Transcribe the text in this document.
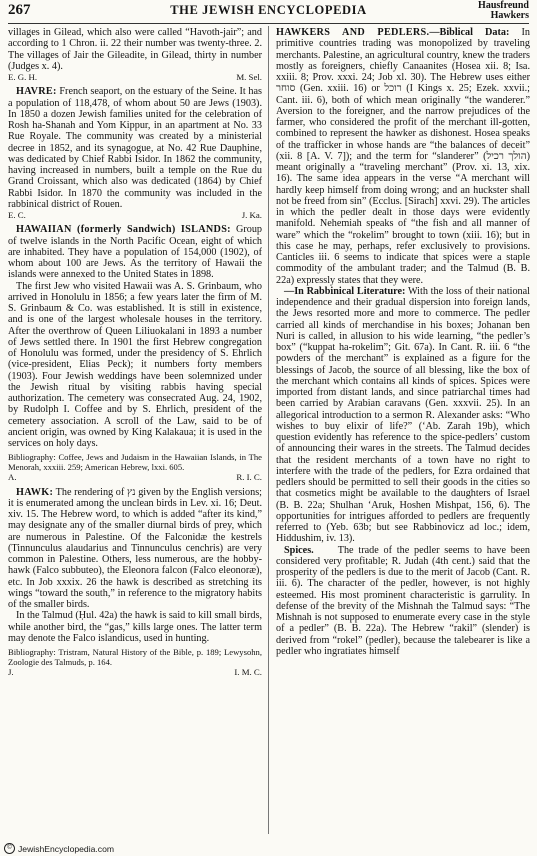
267	THE JEWISH ENCYCLOPEDIA	Hausfreund
Hawkers

villages in Gilead, which also were called “Havoth-jair”; and according to 1 Chron. ii. 22 their number was twenty-three. 2. The villages of Jair the Gileadite, in Gilead, thirty in number (Judges x. 4).

E. G. H.	M. Sel.

HAVRE: French seaport, on the estuary of the Seine. It has a population of 118,478, of whom about 50 are Jews (1903). In 1850 a dozen Jewish families united for the celebration of Rosh ha-Shanah and Yom Kippur, in an apartment at No. 33 Rue Royale. The community was created by a ministerial decree in 1852, and its synagogue, at No. 42 Rue Dauphine, was dedicated by Chief Rabbi Isidor. In 1862 the community, having increased in numbers, built a temple on the Rue du Grand Croissant, which also was dedicated (1864) by Chief Rabbi Isidor. In 1870 the community was included in the rabbinical district of Rouen.

E. C.	J. Ka.

HAWAIIAN (formerly Sandwich) ISLANDS: Group of twelve islands in the North Pacific Ocean, eight of which are inhabited. They have a population of 154,000 (1902), of whom about 100 are Jews. As the territory of Hawaii the islands were annexed to the United States in 1898.

The first Jew who visited Hawaii was A. S. Grinbaum, who arrived in Honolulu in 1856; a few years later the firm of M. S. Grinbaum & Co. was established. It is still in existence, and is one of the largest wholesale houses in the territory. After the overthrow of Queen Liliuokalani in 1893 a number of Jews settled there. In 1901 the first Hebrew congregation of Honolulu was formed, under the presidency of S. Ehrlich (vice-president, Elias Peck); it numbers forty members (1903). Four Jewish weddings have been solemnized under the Jewish ritual by visiting rabbis having special authorization. The cemetery was consecrated Aug. 24, 1902, by Rudolph I. Coffee and by S. Ehrlich, president of the cemetery association. A scroll of the Law, said to be of ancient origin, was owned by King Kalakaua; it is used in the services on holy days.

Bibliography: Coffee, Jews and Judaism in the Hawaiian Islands, in The Menorah, xxxiii. 259; American Hebrew, lxxi. 605.

A.	R. I. C.

HAWK: The rendering of נץ given by the English versions; it is enumerated among the unclean birds in Lev. xi. 16; Deut. xiv. 15. The Hebrew word, to which is added “after its kind,” may designate any of the smaller diurnal birds of prey, which are numerous in Palestine. Of the Falconidæ the kestrels (Tinnunculus alaudarius and Tinnunculus cenchris) are very common in Palestine. Others, less numerous, are the hobby-hawk (Falco subbuteo), the Eleonora falcon (Falco eleonoræ), etc. In Job xxxix. 26 the hawk is described as stretching its wings “toward the south,” in reference to the migratory habits of the smaller birds.

In the Talmud (Ḥul. 42a) the hawk is said to kill small birds, while another bird, the “gas,” kills large ones. The latter term may denote the Falco islandicus, used in hunting.

Bibliography: Tristram, Natural History of the Bible, p. 189; Lewysohn, Zoologie des Talmuds, p. 164.

J.	I. M. C.

HAWKERS AND PEDLERS.—Biblical Data: In primitive countries trading was monopolized by traveling merchants. Palestine, an agricultural country, knew the traders mostly as foreigners, chiefly Canaanites (Hosea xii. 8; Isa. xxiii. 8; Prov. xxxi. 24; Job xl. 30). The Hebrew uses either סוחר (Gen. xxiii. 16) or רוכל (I Kings x. 25; Ezek. xxvii.; Cant. iii. 6), both of which mean originally “the wanderer.” Aversion to the foreigner, and the narrow prejudices of the farmer, who considered the profit of the merchant ill-gotten, combined to represent the hawker as dishonest. Hosea speaks of the trafficker in whose hands are “the balances of deceit” (xii. 8 [A. V. 7]); and the term for “slanderer” (הולך רכיל) meant originally a “traveling merchant” (Prov. xi. 13, xix. 16). The same idea appears in the verse “A merchant will hardly keep himself from doing wrong; and an huckster shall not be freed from sin” (Ecclus. [Sirach] xxvi. 29). The articles in which the pedler dealt in those days were evidently manifold. Nehemiah speaks of “the fish and all manner of ware” which the “rokelim” brought to town (xiii. 16); but in this case he may, perhaps, refer exclusively to provisions. Canticles iii. 6 seems to indicate that spices were a staple commodity of the ambulant trader; and the Talmud (B. B. 22a) expressly states that they were.

—In Rabbinical Literature: With the loss of their national independence and their gradual dispersion into foreign lands, the Jews resorted more and more to commerce. The pedler carried all kinds of merchandise in his boxes; Johanan ben Nuri is called, in allusion to his wide learning, “the pedler’s box” (“kuppat ha-rokelim”; Git. 67a). In Cant. R. iii. 6 “the powders of the merchant” is explained as a figure for the blessings of Jacob, the source of all blessing, like the box of the merchant which contains all kinds of spices. Spices were imported from distant lands, and since patriarchal times had been carried by Arabian caravans (Gen. xxxvii. 25). In an allegorical introduction to a sermon R. Alexander asks: “Who wishes to buy elixir of life?” (‘Ab. Zarah 19b), which question evidently has reference to the spice-pedlers’ custom of announcing their wares in the streets. The Talmud decides that the resident merchants of a town have no right to interfere with the trade of the pedlers, for Ezra ordained that pedlers should be permitted to sell their goods in the cities so that cosmetics might be available to the daughters of Israel (B. B. 22a; Shulhan ‘Aruk, Hoshen Mishpat, 156, 6). The opportunities for intrigues afforded to pedlers are frequently referred to (Yeb. 63b; but see Rabbinovicz ad loc.; idem, Hiddushim, iv. 13).

Spices.	The trade of the pedler seems to have been considered very profitable; R. Judah (4th cent.) said that the prosperity of the pedlers is due to the merit of Jacob (Cant. R. iii. 6). The character of the pedler, however, is not highly esteemed. His most prominent characteristic is garrulity. In defense of the brevity of the Mishnah the Talmud says: “The Mishnah is not supposed to enumerate every case in the style of a pedler” (B. B. 22a). The Hebrew “rakil” (slender) is derived from “rokel” (pedler), because the talebearer is like a pedler who ingratiates himself

© JewishEncyclopedia.com
